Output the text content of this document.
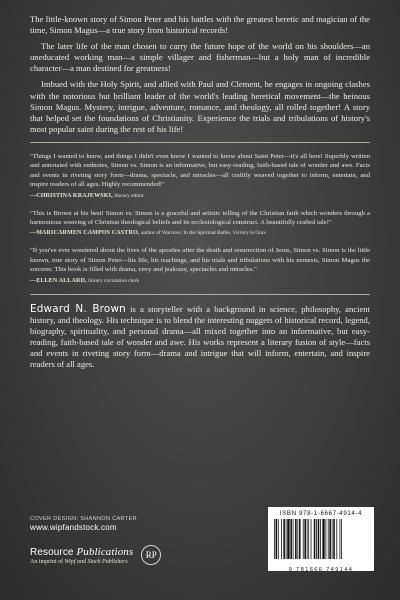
The little-known story of Simon Peter and his battles with the greatest heretic and magician of the time, Simon Magus—a true story from historical records!

The later life of the man chosen to carry the future hope of the world on his shoulders—an uneducated working man—a simple villager and fisherman—but a holy man of incredible character—a man destined for greatness!

Imbued with the Holy Spirit, and allied with Paul and Clement, he engages in ongoing clashes with the notorious but brilliant leader of the world's leading heretical movement—the heinous Simon Magus. Mystery, intrigue, adventure, romance, and theology, all rolled together! A story that helped set the foundations of Christianity. Experience the trials and tribulations of history's most popular saint during the rest of his life!

"Things I wanted to know, and things I didn't even know I wanted to know about Saint Peter—it's all here! Superbly written and annotated with endnotes, Simon vs. Simon is an informative, but easy-reading, faith-based tale of wonder and awe. Facts and events in riveting story form—drama, spectacle, and miracles—all craftily weaved together to inform, entertain, and inspire readers of all ages. Highly recommended!"

—CHRISTINA KRAJEWSKI, literary editor

"This is Brown at his best! Simon vs. Simon is a graceful and artistic telling of the Christian faith which wonders through a harmonious weaving of Christian theological beliefs and its ecclesiological construct. A beautifully crafted tale!"

—MARICARMEN CAMPOS CASTRO, author of Warriors: In the Spiritual Battle, Victory Is Ours

"If you've ever wondered about the lives of the apostles after the death and resurrection of Jesus, Simon vs. Simon is the little known, true story of Simon Peter—his life, his teachings, and his trials and tribulations with his nemesis, Simon Magus the sorcerer. This book is filled with drama, envy and jealousy, spectacles and miracles."

—ELLEN ALLARD, library circulation clerk

Edward N. Brown is a storyteller with a background in science, philosophy, ancient history, and theology. His technique is to blend the interesting nuggets of historical record, legend, biography, spirituality, and personal drama—all mixed together into an informative, but easy-reading, faith-based tale of wonder and awe. His works represent a literary fusion of style—facts and events in riveting story form—drama and intrigue that will inform, entertain, and inspire readers of all ages.

COVER DESIGN: SHANNON CARTER

www.wipfandstock.com

Resource Publications
An imprint of Wipf and Stock Publishers
RP
ISBN 978-1-6667-4914-4
9 781666 749144
